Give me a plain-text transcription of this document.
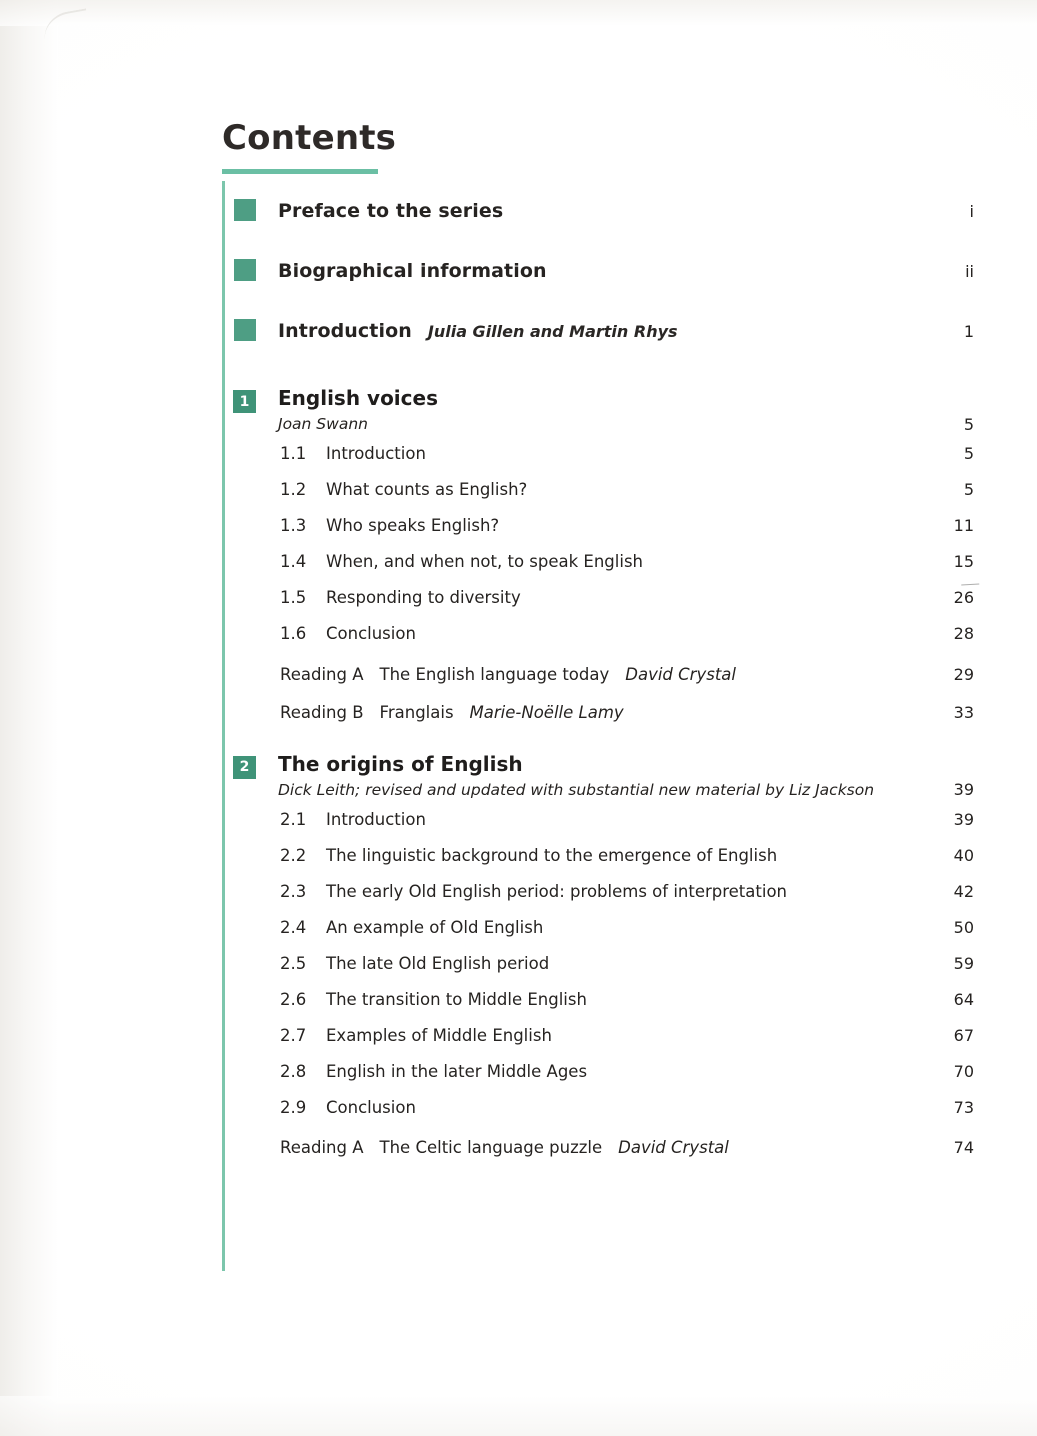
Contents
Preface to the series	i
Biographical information	ii
Introduction Julia Gillen and Martin Rhys	1
1	English voices
Joan Swann	5
1.1	Introduction	5
1.2	What counts as English?	5
1.3	Who speaks English?	11
1.4	When, and when not, to speak English	15
1.5	Responding to diversity	26
1.6	Conclusion	28
Reading A The English language today David Crystal	29
Reading B Franglais Marie-Noëlle Lamy	33
2	The origins of English
Dick Leith; revised and updated with substantial new material by Liz Jackson	39
2.1	Introduction	39
2.2	The linguistic background to the emergence of English	40
2.3	The early Old English period: problems of interpretation	42
2.4	An example of Old English	50
2.5	The late Old English period	59
2.6	The transition to Middle English	64
2.7	Examples of Middle English	67
2.8	English in the later Middle Ages	70
2.9	Conclusion	73
Reading A The Celtic language puzzle David Crystal	74
